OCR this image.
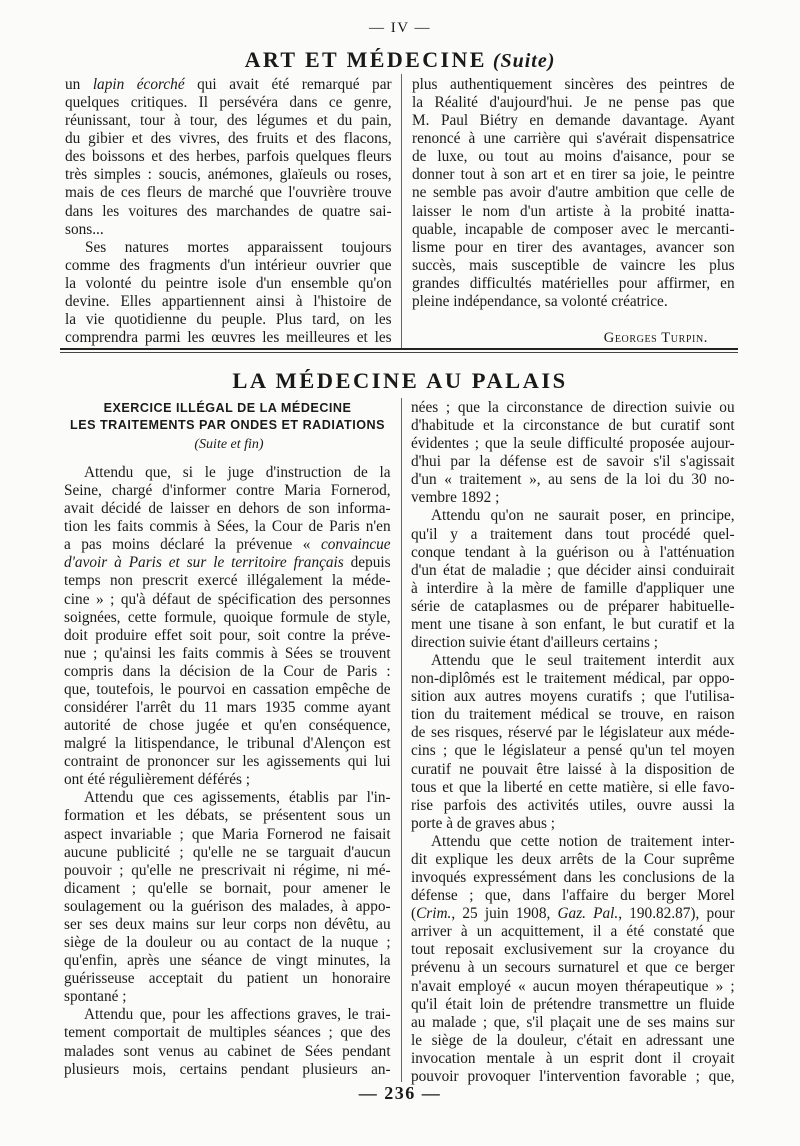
— IV —
ART ET MÉDECINE (Suite)
un lapin écorché qui avait été remarqué par
quelques critiques. Il persévéra dans ce genre,
réunissant, tour à tour, des légumes et du pain,
du gibier et des vivres, des fruits et des flacons,
des boissons et des herbes, parfois quelques fleurs
très simples : soucis, anémones, glaïeuls ou roses,
mais de ces fleurs de marché que l'ouvrière trouve
dans les voitures des marchandes de quatre sai-
sons...
Ses natures mortes apparaissent toujours
comme des fragments d'un intérieur ouvrier que
la volonté du peintre isole d'un ensemble qu'on
devine. Elles appartiennent ainsi à l'histoire de
la vie quotidienne du peuple. Plus tard, on les
comprendra parmi les œuvres les meilleures et les
plus authentiquement sincères des peintres de
la Réalité d'aujourd'hui. Je ne pense pas que
M. Paul Biétry en demande davantage. Ayant
renoncé à une carrière qui s'avérait dispensatrice
de luxe, ou tout au moins d'aisance, pour se
donner tout à son art et en tirer sa joie, le peintre
ne semble pas avoir d'autre ambition que celle de
laisser le nom d'un artiste à la probité inatta-
quable, incapable de composer avec le mercanti-
lisme pour en tirer des avantages, avancer son
succès, mais susceptible de vaincre les plus
grandes difficultés matérielles pour affirmer, en
pleine indépendance, sa volonté créatrice.
Georges Turpin.
LA MÉDECINE AU PALAIS
EXERCICE ILLÉGAL DE LA MÉDECINE
LES TRAITEMENTS PAR ONDES ET RADIATIONS
(Suite et fin)
Attendu que, si le juge d'instruction de la
Seine, chargé d'informer contre Maria Fornerod,
avait décidé de laisser en dehors de son informa-
tion les faits commis à Sées, la Cour de Paris n'en
a pas moins déclaré la prévenue « convaincue
d'avoir à Paris et sur le territoire français depuis
temps non prescrit exercé illégalement la méde-
cine » ; qu'à défaut de spécification des personnes
soignées, cette formule, quoique formule de style,
doit produire effet soit pour, soit contre la préve-
nue ; qu'ainsi les faits commis à Sées se trouvent
compris dans la décision de la Cour de Paris :
que, toutefois, le pourvoi en cassation empêche de
considérer l'arrêt du 11 mars 1935 comme ayant
autorité de chose jugée et qu'en conséquence,
malgré la litispendance, le tribunal d'Alençon est
contraint de prononcer sur les agissements qui lui
ont été régulièrement déférés ;
Attendu que ces agissements, établis par l'in-
formation et les débats, se présentent sous un
aspect invariable ; que Maria Fornerod ne faisait
aucune publicité ; qu'elle ne se targuait d'aucun
pouvoir ; qu'elle ne prescrivait ni régime, ni mé-
dicament ; qu'elle se bornait, pour amener le
soulagement ou la guérison des malades, à appo-
ser ses deux mains sur leur corps non dévêtu, au
siège de la douleur ou au contact de la nuque ;
qu'enfin, après une séance de vingt minutes, la
guérisseuse acceptait du patient un honoraire
spontané ;
Attendu que, pour les affections graves, le trai-
tement comportait de multiples séances ; que des
malades sont venus au cabinet de Sées pendant
plusieurs mois, certains pendant plusieurs an-
nées ; que la circonstance de direction suivie ou
d'habitude et la circonstance de but curatif sont
évidentes ; que la seule difficulté proposée aujour-
d'hui par la défense est de savoir s'il s'agissait
d'un « traitement », au sens de la loi du 30 no-
vembre 1892 ;
Attendu qu'on ne saurait poser, en principe,
qu'il y a traitement dans tout procédé quel-
conque tendant à la guérison ou à l'atténuation
d'un état de maladie ; que décider ainsi conduirait
à interdire à la mère de famille d'appliquer une
série de cataplasmes ou de préparer habituelle-
ment une tisane à son enfant, le but curatif et la
direction suivie étant d'ailleurs certains ;
Attendu que le seul traitement interdit aux
non-diplômés est le traitement médical, par oppo-
sition aux autres moyens curatifs ; que l'utilisa-
tion du traitement médical se trouve, en raison
de ses risques, réservé par le législateur aux méde-
cins ; que le législateur a pensé qu'un tel moyen
curatif ne pouvait être laissé à la disposition de
tous et que la liberté en cette matière, si elle favo-
rise parfois des activités utiles, ouvre aussi la
porte à de graves abus ;
Attendu que cette notion de traitement inter-
dit explique les deux arrêts de la Cour suprême
invoqués expressément dans les conclusions de la
défense ; que, dans l'affaire du berger Morel
(Crim., 25 juin 1908, Gaz. Pal., 190.82.87), pour
arriver à un acquittement, il a été constaté que
tout reposait exclusivement sur la croyance du
prévenu à un secours surnaturel et que ce berger
n'avait employé « aucun moyen thérapeutique » ;
qu'il était loin de prétendre transmettre un fluide
au malade ; que, s'il plaçait une de ses mains sur
le siège de la douleur, c'était en adressant une
invocation mentale à un esprit dont il croyait
pouvoir provoquer l'intervention favorable ; que,
— 236 —
